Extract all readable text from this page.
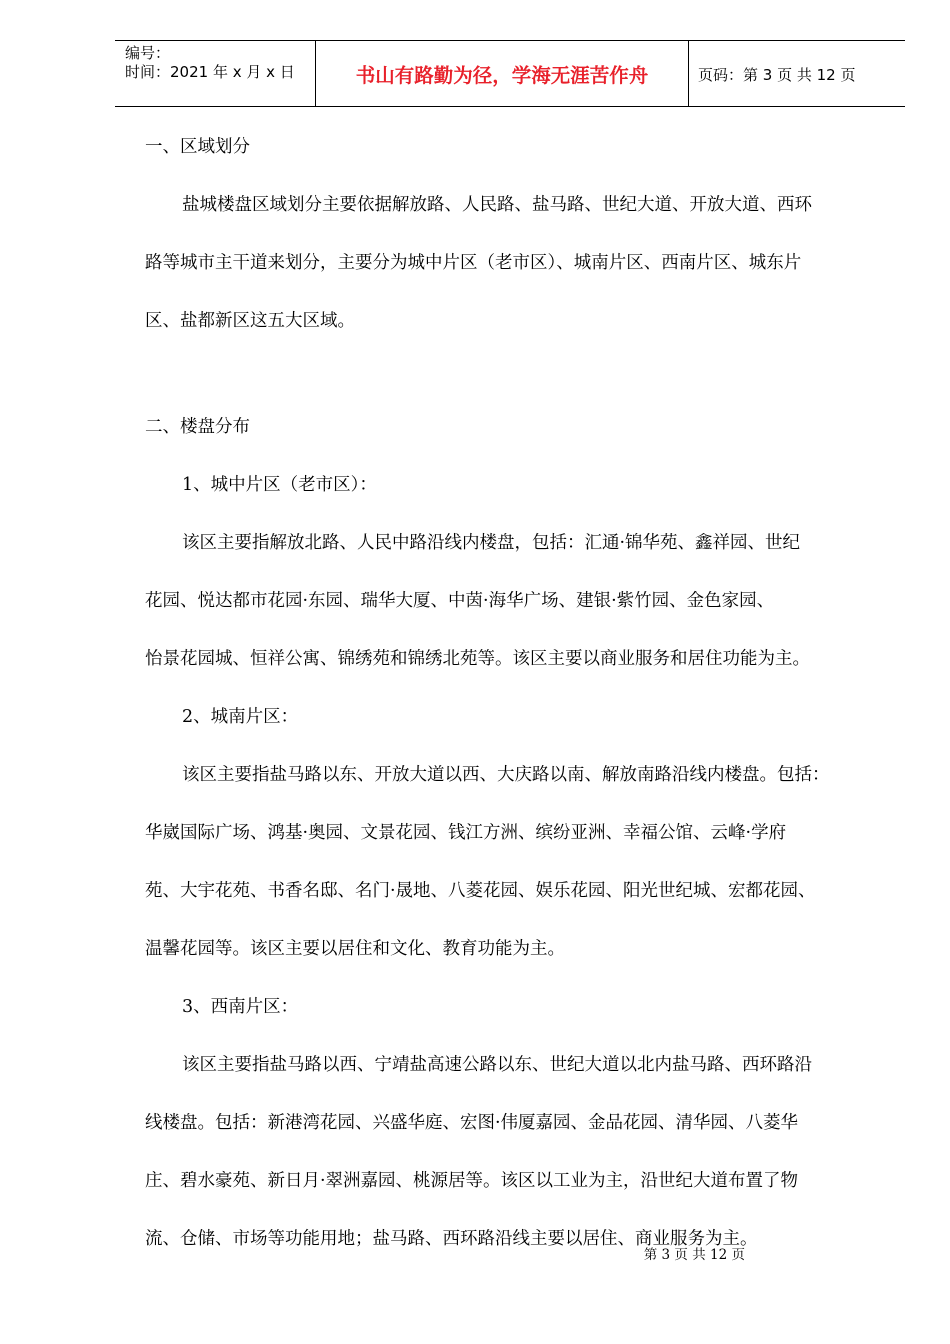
编号：
时间：2021 年 x 月 x 日	书山有路勤为径，学海无涯苦作舟	页码：第 3 页 共 12 页

一、区域划分

盐城楼盘区域划分主要依据解放路、人民路、盐马路、世纪大道、开放大道、西环

路等城市主干道来划分，主要分为城中片区（老市区）、城南片区、西南片区、城东片

区、盐都新区这五大区域。

二、楼盘分布

1、城中片区（老市区）：

该区主要指解放北路、人民中路沿线内楼盘，包括：汇通·锦华苑、鑫祥园、世纪

花园、悦达都市花园·东园、瑞华大厦、中茵·海华广场、建银·紫竹园、金色家园、

怡景花园城、恒祥公寓、锦绣苑和锦绣北苑等。该区主要以商业服务和居住功能为主。

2、城南片区：

该区主要指盐马路以东、开放大道以西、大庆路以南、解放南路沿线内楼盘。包括：

华崴国际广场、鸿基·奥园、文景花园、钱江方洲、缤纷亚洲、幸福公馆、云峰·学府

苑、大宇花苑、书香名邸、名门·晟地、八菱花园、娱乐花园、阳光世纪城、宏都花园、

温馨花园等。该区主要以居住和文化、教育功能为主。

3、西南片区：

该区主要指盐马路以西、宁靖盐高速公路以东、世纪大道以北内盐马路、西环路沿

线楼盘。包括：新港湾花园、兴盛华庭、宏图·伟厦嘉园、金品花园、清华园、八菱华

庄、碧水豪苑、新日月·翠洲嘉园、桃源居等。该区以工业为主，沿世纪大道布置了物

流、仓储、市场等功能用地；盐马路、西环路沿线主要以居住、商业服务为主。

第 3 页 共 12 页
